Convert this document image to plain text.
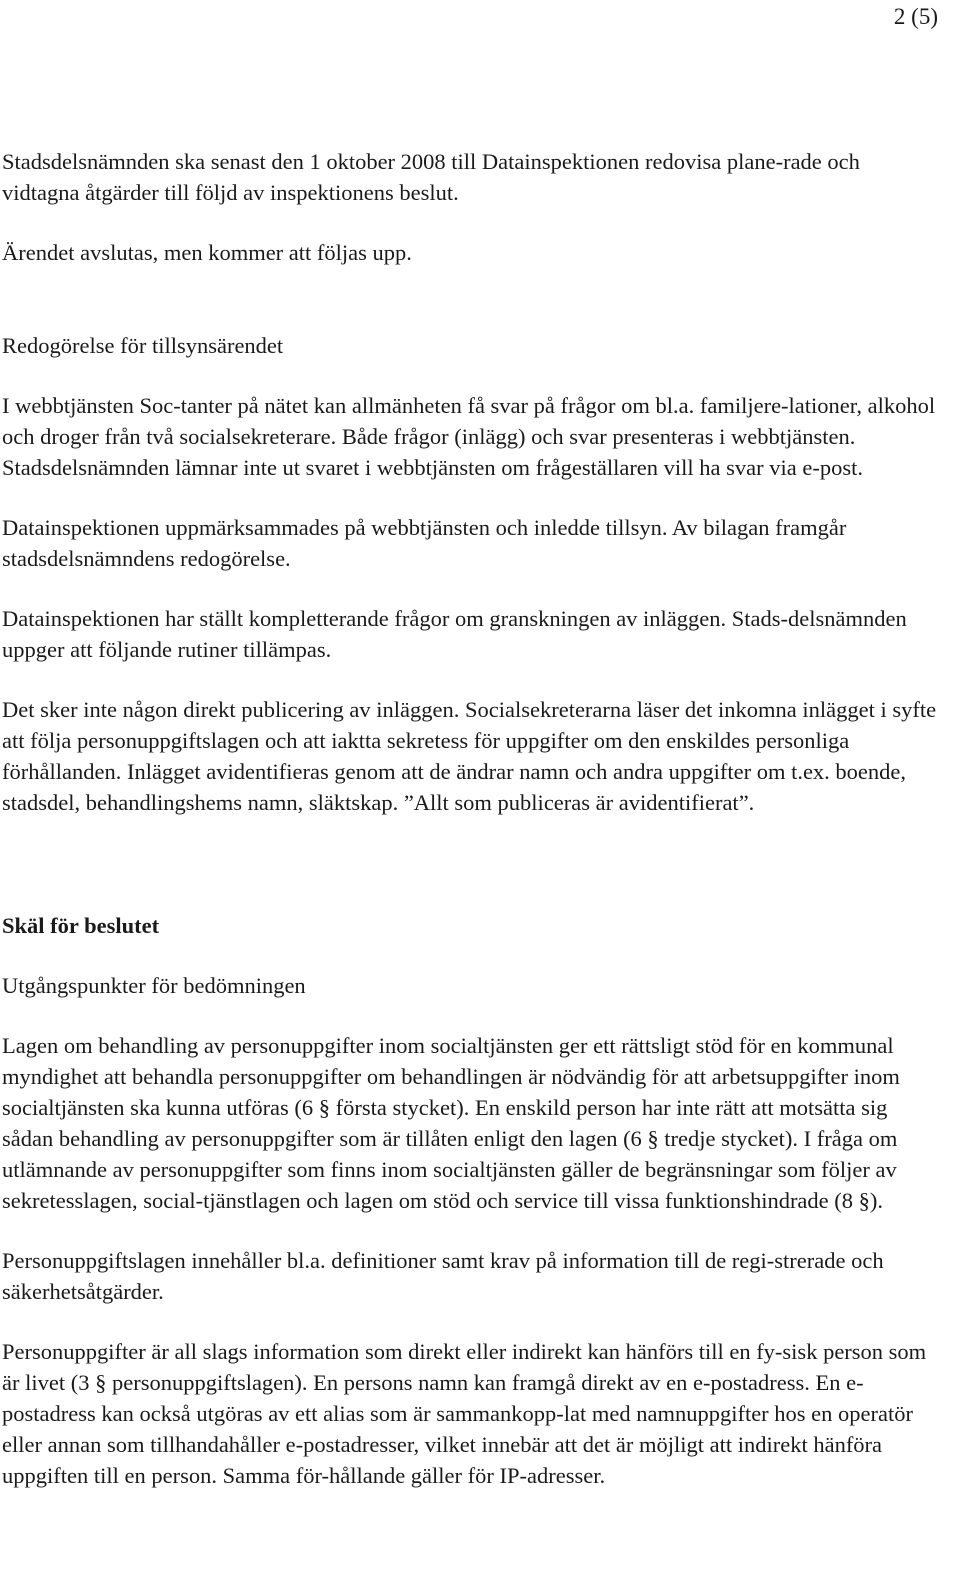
2 (5)

Stadsdelsnämnden ska senast den 1 oktober 2008 till Datainspektionen redovisa plane-rade och vidtagna åtgärder till följd av inspektionens beslut.

Ärendet avslutas, men kommer att följas upp.

Redogörelse för tillsynsärendet

I webbtjänsten Soc-tanter på nätet kan allmänheten få svar på frågor om bl.a. familjere-lationer, alkohol och droger från två socialsekreterare. Både frågor (inlägg) och svar presenteras i webbtjänsten. Stadsdelsnämnden lämnar inte ut svaret i webbtjänsten om frågeställaren vill ha svar via e-post.

Datainspektionen uppmärksammades på webbtjänsten och inledde tillsyn. Av bilagan framgår stadsdelsnämndens redogörelse.

Datainspektionen har ställt kompletterande frågor om granskningen av inläggen. Stads-delsnämnden uppger att följande rutiner tillämpas.

Det sker inte någon direkt publicering av inläggen. Socialsekreterarna läser det inkomna inlägget i syfte att följa personuppgiftslagen och att iaktta sekretess för uppgifter om den enskildes personliga förhållanden. Inlägget avidentifieras genom att de ändrar namn och andra uppgifter om t.ex. boende, stadsdel, behandlingshems namn, släktskap. ”Allt som publiceras är avidentifierat”.

Skäl för beslutet

Utgångspunkter för bedömningen

Lagen om behandling av personuppgifter inom socialtjänsten ger ett rättsligt stöd för en kommunal myndighet att behandla personuppgifter om behandlingen är nödvändig för att arbetsuppgifter inom socialtjänsten ska kunna utföras (6 § första stycket). En enskild person har inte rätt att motsätta sig sådan behandling av personuppgifter som är tillåten enligt den lagen (6 § tredje stycket). I fråga om utlämnande av personuppgifter som finns inom socialtjänsten gäller de begränsningar som följer av sekretesslagen, social-tjänstlagen och lagen om stöd och service till vissa funktionshindrade (8 §).

Personuppgiftslagen innehåller bl.a. definitioner samt krav på information till de regi-strerade och säkerhetsåtgärder.

Personuppgifter är all slags information som direkt eller indirekt kan hänförs till en fy-sisk person som är livet (3 § personuppgiftslagen). En persons namn kan framgå direkt av en e-postadress. En e-postadress kan också utgöras av ett alias som är sammankopp-lat med namnuppgifter hos en operatör eller annan som tillhandahåller e-postadresser, vilket innebär att det är möjligt att indirekt hänföra uppgiften till en person. Samma för-hållande gäller för IP-adresser.
